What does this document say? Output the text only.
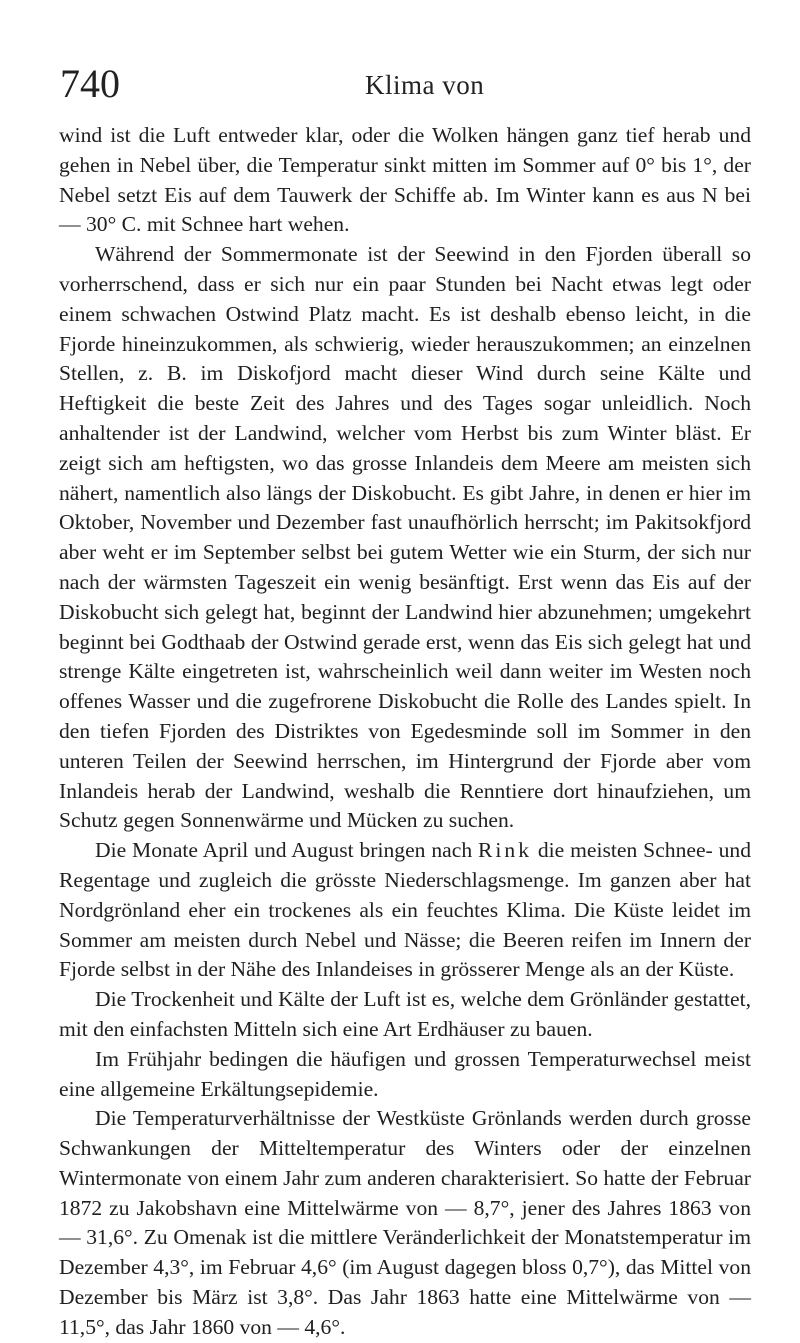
740	Klima von

wind ist die Luft entweder klar, oder die Wolken hängen ganz tief herab und gehen in Nebel über, die Temperatur sinkt mitten im Sommer auf 0° bis 1°, der Nebel setzt Eis auf dem Tauwerk der Schiffe ab. Im Winter kann es aus N bei — 30° C. mit Schnee hart wehen.

Während der Sommermonate ist der Seewind in den Fjorden überall so vorherrschend, dass er sich nur ein paar Stunden bei Nacht etwas legt oder einem schwachen Ostwind Platz macht. Es ist deshalb ebenso leicht, in die Fjorde hineinzukommen, als schwierig, wieder herauszukommen; an einzelnen Stellen, z. B. im Diskofjord macht dieser Wind durch seine Kälte und Heftigkeit die beste Zeit des Jahres und des Tages sogar unleidlich. Noch anhaltender ist der Landwind, welcher vom Herbst bis zum Winter bläst. Er zeigt sich am heftigsten, wo das grosse Inlandeis dem Meere am meisten sich nähert, namentlich also längs der Diskobucht. Es gibt Jahre, in denen er hier im Oktober, November und Dezember fast unaufhörlich herrscht; im Pakitsokfjord aber weht er im September selbst bei gutem Wetter wie ein Sturm, der sich nur nach der wärmsten Tageszeit ein wenig besänftigt. Erst wenn das Eis auf der Diskobucht sich gelegt hat, beginnt der Landwind hier abzunehmen; umgekehrt beginnt bei Godthaab der Ostwind gerade erst, wenn das Eis sich gelegt hat und strenge Kälte eingetreten ist, wahrscheinlich weil dann weiter im Westen noch offenes Wasser und die zugefrorene Diskobucht die Rolle des Landes spielt. In den tiefen Fjorden des Distriktes von Egedesminde soll im Sommer in den unteren Teilen der Seewind herrschen, im Hintergrund der Fjorde aber vom Inlandeis herab der Landwind, weshalb die Renntiere dort hinaufziehen, um Schutz gegen Sonnenwärme und Mücken zu suchen.

Die Monate April und August bringen nach Rink die meisten Schnee- und Regentage und zugleich die grösste Niederschlagsmenge. Im ganzen aber hat Nordgrönland eher ein trockenes als ein feuchtes Klima. Die Küste leidet im Sommer am meisten durch Nebel und Nässe; die Beeren reifen im Innern der Fjorde selbst in der Nähe des Inlandeises in grösserer Menge als an der Küste.

Die Trockenheit und Kälte der Luft ist es, welche dem Grönländer gestattet, mit den einfachsten Mitteln sich eine Art Erdhäuser zu bauen.

Im Frühjahr bedingen die häufigen und grossen Temperaturwechsel meist eine allgemeine Erkältungsepidemie.

Die Temperaturverhältnisse der Westküste Grönlands werden durch grosse Schwankungen der Mitteltemperatur des Winters oder der einzelnen Wintermonate von einem Jahr zum anderen charakterisiert. So hatte der Februar 1872 zu Jakobshavn eine Mittelwärme von — 8,7°, jener des Jahres 1863 von — 31,6°. Zu Omenak ist die mittlere Veränderlichkeit der Monatstemperatur im Dezember 4,3°, im Februar 4,6° (im August dagegen bloss 0,7°), das Mittel von Dezember bis März ist 3,8°. Das Jahr 1863 hatte eine Mittelwärme von — 11,5°, das Jahr 1860 von — 4,6°.
